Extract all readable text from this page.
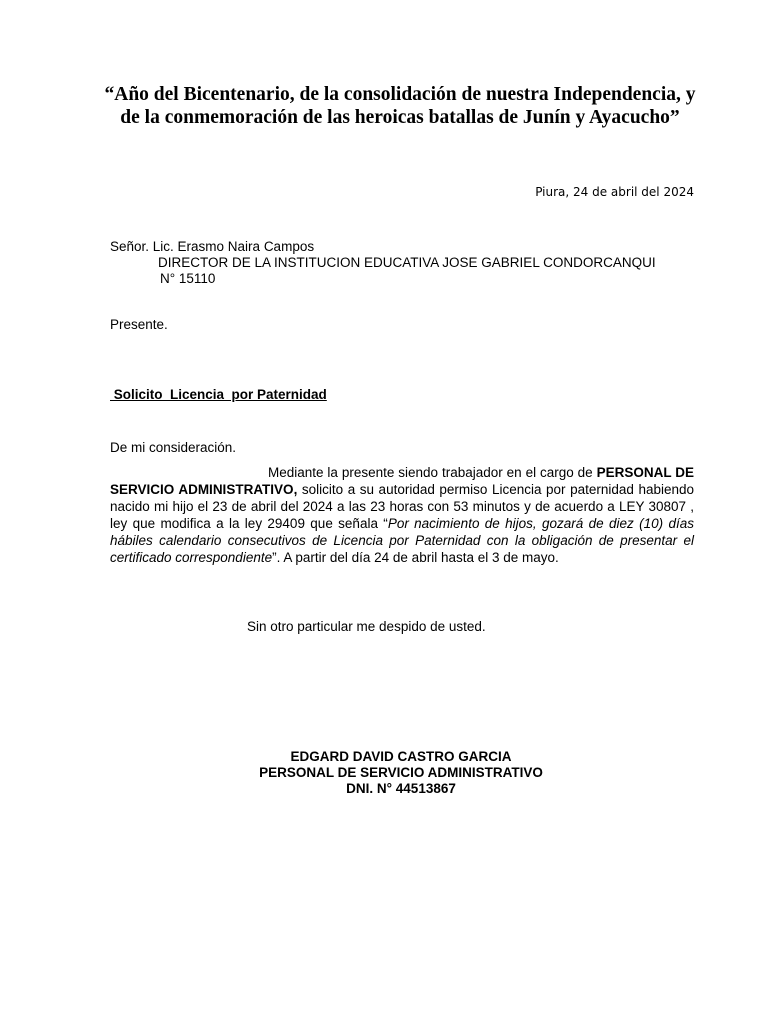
“Año del Bicentenario, de la consolidación de nuestra Independencia, y de la conmemoración de las heroicas batallas de Junín y Ayacucho”
Piura, 24 de abril del 2024
Señor. Lic. Erasmo Naira Campos
DIRECTOR DE LA INSTITUCION EDUCATIVA JOSE GABRIEL CONDORCANQUI
N° 15110
Presente.
Solicito  Licencia  por Paternidad
De mi consideración.
Mediante la presente siendo trabajador en el cargo de PERSONAL DE SERVICIO ADMINISTRATIVO, solicito a su autoridad permiso Licencia por paternidad habiendo nacido mi hijo el 23 de abril del 2024 a las 23 horas con 53 minutos y de acuerdo a LEY 30807 , ley que modifica a la ley 29409 que señala “Por nacimiento de hijos, gozará de diez (10) días hábiles calendario consecutivos de Licencia por Paternidad con la obligación de presentar el certificado correspondiente”. A partir del día 24 de abril hasta el 3 de mayo.
Sin otro particular me despido de usted.
EDGARD DAVID CASTRO GARCIA
PERSONAL DE SERVICIO ADMINISTRATIVO
DNI. N° 44513867
